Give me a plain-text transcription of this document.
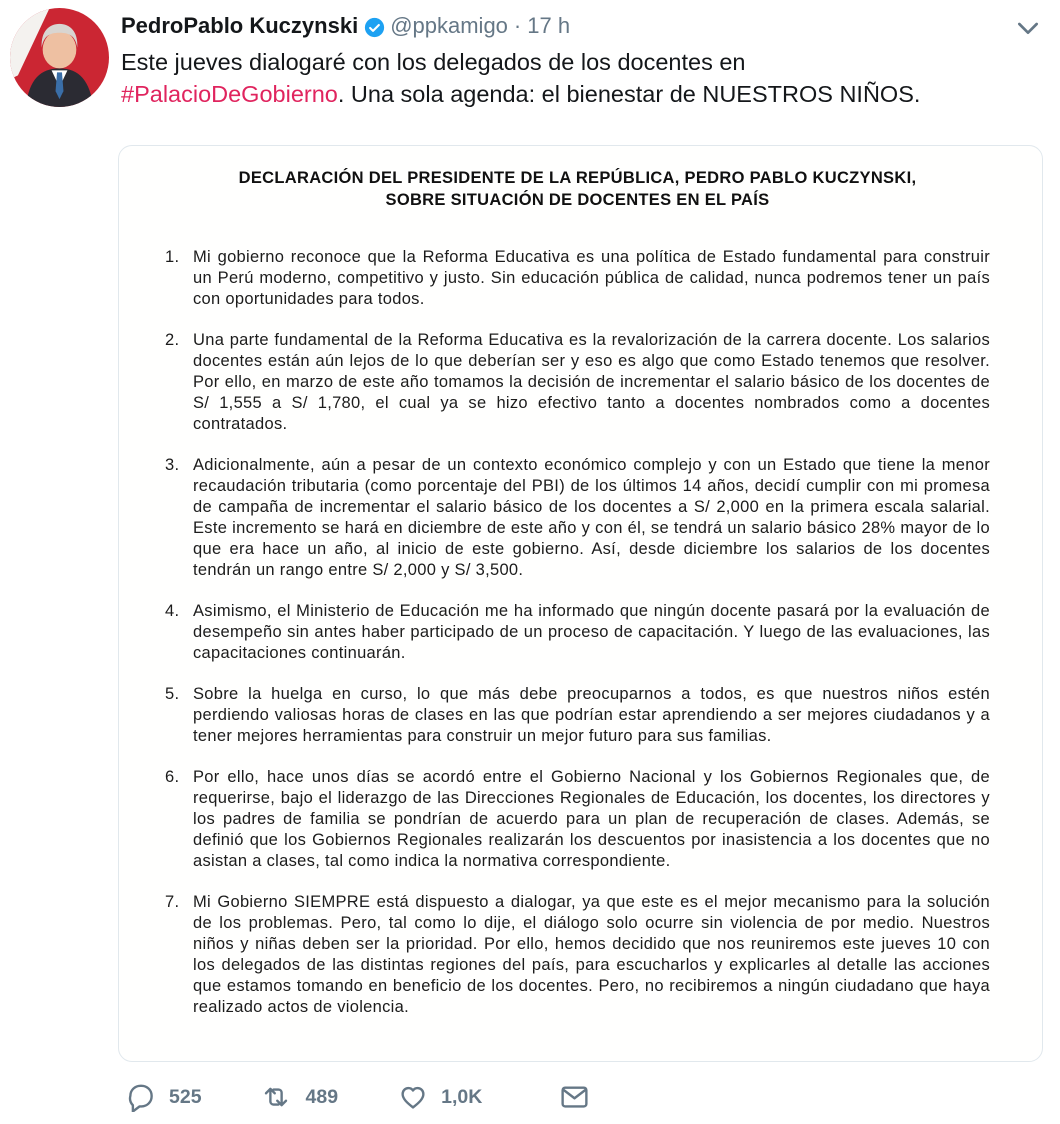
PedroPablo Kuczynski @ppkamigo · 17 h
Este jueves dialogaré con los delegados de los docentes en
#PalacioDeGobierno. Una sola agenda: el bienestar de NUESTROS NIÑOS.
DECLARACIÓN DEL PRESIDENTE DE LA REPÚBLICA, PEDRO PABLO KUCZYNSKI,
SOBRE SITUACIÓN DE DOCENTES EN EL PAÍS
1. Mi gobierno reconoce que la Reforma Educativa es una política de Estado fundamental para construir un Perú moderno, competitivo y justo. Sin educación pública de calidad, nunca podremos tener un país con oportunidades para todos.
2. Una parte fundamental de la Reforma Educativa es la revalorización de la carrera docente. Los salarios docentes están aún lejos de lo que deberían ser y eso es algo que como Estado tenemos que resolver. Por ello, en marzo de este año tomamos la decisión de incrementar el salario básico de los docentes de S/ 1,555 a S/ 1,780, el cual ya se hizo efectivo tanto a docentes nombrados como a docentes contratados.
3. Adicionalmente, aún a pesar de un contexto económico complejo y con un Estado que tiene la menor recaudación tributaria (como porcentaje del PBI) de los últimos 14 años, decidí cumplir con mi promesa de campaña de incrementar el salario básico de los docentes a S/ 2,000 en la primera escala salarial. Este incremento se hará en diciembre de este año y con él, se tendrá un salario básico 28% mayor de lo que era hace un año, al inicio de este gobierno. Así, desde diciembre los salarios de los docentes tendrán un rango entre S/ 2,000 y S/ 3,500.
4. Asimismo, el Ministerio de Educación me ha informado que ningún docente pasará por la evaluación de desempeño sin antes haber participado de un proceso de capacitación. Y luego de las evaluaciones, las capacitaciones continuarán.
5. Sobre la huelga en curso, lo que más debe preocuparnos a todos, es que nuestros niños estén perdiendo valiosas horas de clases en las que podrían estar aprendiendo a ser mejores ciudadanos y a tener mejores herramientas para construir un mejor futuro para sus familias.
6. Por ello, hace unos días se acordó entre el Gobierno Nacional y los Gobiernos Regionales que, de requerirse, bajo el liderazgo de las Direcciones Regionales de Educación, los docentes, los directores y los padres de familia se pondrían de acuerdo para un plan de recuperación de clases. Además, se definió que los Gobiernos Regionales realizarán los descuentos por inasistencia a los docentes que no asistan a clases, tal como indica la normativa correspondiente.
7. Mi Gobierno SIEMPRE está dispuesto a dialogar, ya que este es el mejor mecanismo para la solución de los problemas. Pero, tal como lo dije, el diálogo solo ocurre sin violencia de por medio. Nuestros niños y niñas deben ser la prioridad. Por ello, hemos decidido que nos reuniremos este jueves 10 con los delegados de las distintas regiones del país, para escucharlos y explicarles al detalle las acciones que estamos tomando en beneficio de los docentes. Pero, no recibiremos a ningún ciudadano que haya realizado actos de violencia.
525	489	1,0K
